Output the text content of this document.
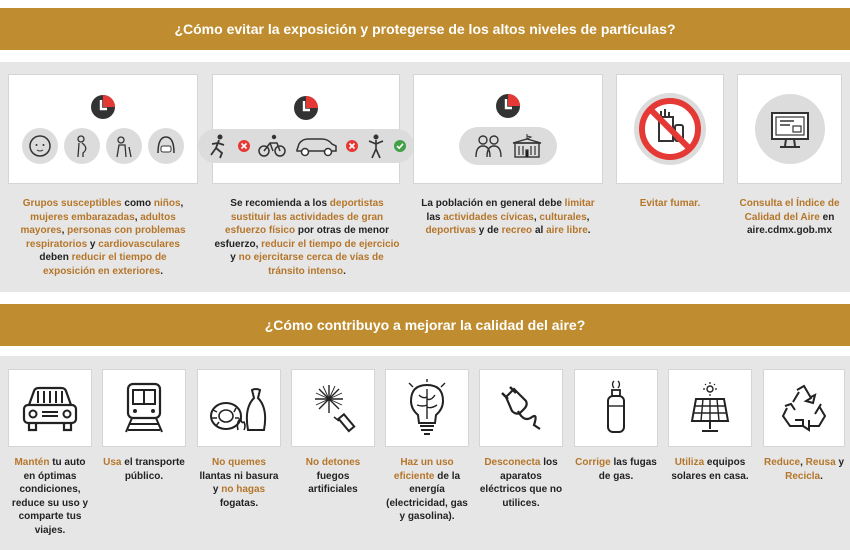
¿Cómo evitar la exposición y protegerse de los altos niveles de partículas?
Grupos susceptibles como niños, mujeres embarazadas, adultos mayores, personas con problemas respiratorios y cardiovasculares deben reducir el tiempo de exposición en exteriores.
Se recomienda a los deportistas sustituir las actividades de gran esfuerzo físico por otras de menor esfuerzo, reducir el tiempo de ejercicio y no ejercitarse cerca de vías de tránsito intenso.
La población en general debe limitar las actividades cívicas, culturales, deportivas y de recreo al aire libre.
Evitar fumar.	Consulta el Índice de Calidad del Aire en aire.cdmx.gob.mx
¿Cómo contribuyo a mejorar la calidad del aire?
Mantén tu auto en óptimas condiciones, reduce su uso y comparte tus viajes.
Usa el transporte público.
No quemes llantas ni basura y no hagas fogatas.
No detones fuegos artificiales
Haz un uso eficiente de la energía (electricidad, gas y gasolina).
Desconecta los aparatos eléctricos que no utilices.
Corrige las fugas de gas.
Utiliza equipos solares en casa.
Reduce, Reusa y Recicla.
